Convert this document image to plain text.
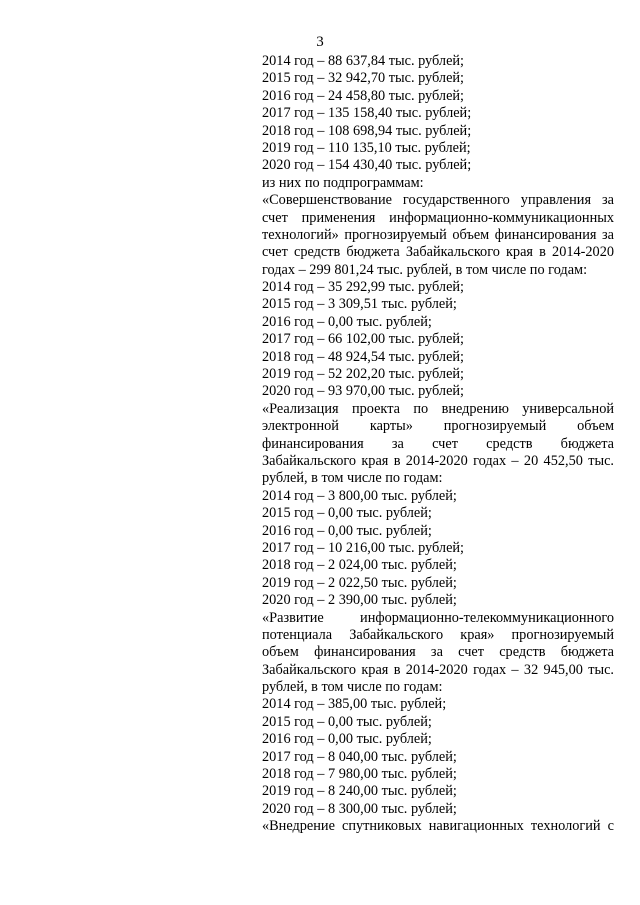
3
2014 год – 88 637,84 тыс. рублей;
2015 год – 32 942,70 тыс. рублей;
2016 год – 24 458,80 тыс. рублей;
2017 год – 135 158,40 тыс. рублей;
2018 год – 108 698,94 тыс. рублей;
2019 год – 110 135,10 тыс. рублей;
2020 год – 154 430,40 тыс. рублей;
из них по подпрограммам:
«Совершенствование государственного управления за
счет применения информационно-коммуникационных
технологий» прогнозируемый объем финансирования за
счет средств бюджета Забайкальского края в 2014-2020
годах – 299 801,24 тыс. рублей, в том числе по годам:
2014 год – 35 292,99 тыс. рублей;
2015 год – 3 309,51 тыс. рублей;
2016 год – 0,00 тыс. рублей;
2017 год – 66 102,00 тыс. рублей;
2018 год – 48 924,54 тыс. рублей;
2019 год – 52 202,20 тыс. рублей;
2020 год – 93 970,00 тыс. рублей;
«Реализация проекта по внедрению универсальной
электронной карты» прогнозируемый объем
финансирования за счет средств бюджета
Забайкальского края в 2014-2020 годах – 20 452,50 тыс.
рублей, в том числе по годам:
2014 год – 3 800,00 тыс. рублей;
2015 год – 0,00 тыс. рублей;
2016 год – 0,00 тыс. рублей;
2017 год – 10 216,00 тыс. рублей;
2018 год – 2 024,00 тыс. рублей;
2019 год – 2 022,50 тыс. рублей;
2020 год – 2 390,00 тыс. рублей;
«Развитие информационно-телекоммуникационного
потенциала Забайкальского края» прогнозируемый
объем финансирования за счет средств бюджета
Забайкальского края в 2014-2020 годах – 32 945,00 тыс.
рублей, в том числе по годам:
2014 год – 385,00 тыс. рублей;
2015 год – 0,00 тыс. рублей;
2016 год – 0,00 тыс. рублей;
2017 год – 8 040,00 тыс. рублей;
2018 год – 7 980,00 тыс. рублей;
2019 год – 8 240,00 тыс. рублей;
2020 год – 8 300,00 тыс. рублей;
«Внедрение спутниковых навигационных технологий с
